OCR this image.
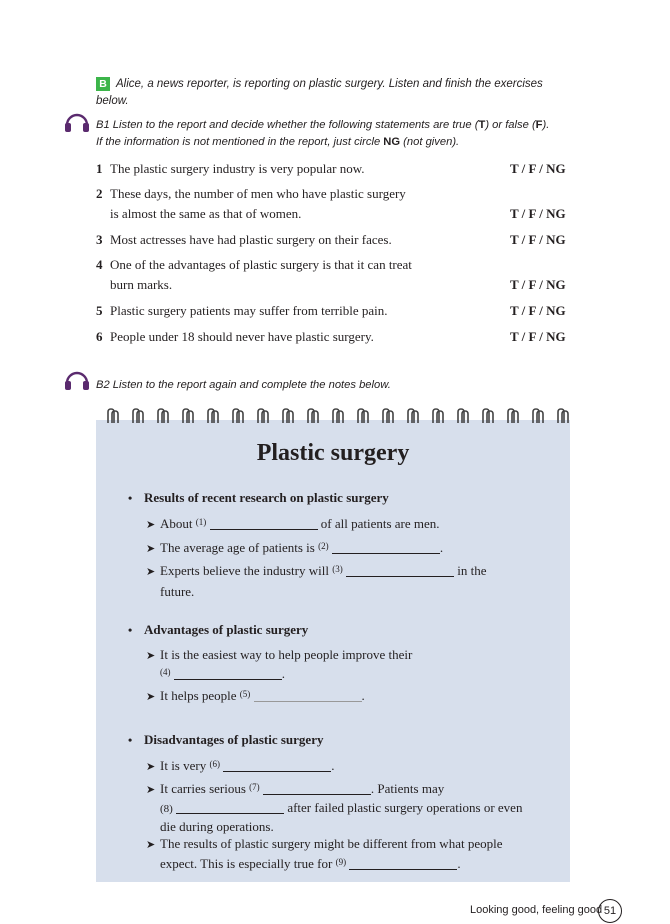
B Alice, a news reporter, is reporting on plastic surgery. Listen and finish the exercises below.
B1 Listen to the report and decide whether the following statements are true (T) or false (F).
If the information is not mentioned in the report, just circle NG (not given).
1 The plastic surgery industry is very popular now.	T / F / NG
2 These days, the number of men who have plastic surgery
is almost the same as that of women.	T / F / NG
3 Most actresses have had plastic surgery on their faces.	T / F / NG
4 One of the advantages of plastic surgery is that it can treat
burn marks.	T / F / NG
5 Plastic surgery patients may suffer from terrible pain.	T / F / NG
6 People under 18 should never have plastic surgery.	T / F / NG
B2 Listen to the report again and complete the notes below.
Plastic surgery
• Results of recent research on plastic surgery
➤ About $^{(1)}$	of all patients are men.
➤ The average age of patients is $^{(2)}$	.
➤ Experts believe the industry will $^{(3)}$	in the
future.
• Advantages of plastic surgery
➤ It is the easiest way to help people improve their
$^{(4)}$	.
➤ It helps people $^{(5)}$	.
• Disadvantages of plastic surgery
➤ It is very $^{(6)}$	.
➤ It carries serious $^{(7)}$	. Patients may
(8)	after failed plastic surgery operations or even
die during operations.
➤ The results of plastic surgery might be different from what people
expect. This is especially true for $^{(9)}$	.
Looking good, feeling good 51
